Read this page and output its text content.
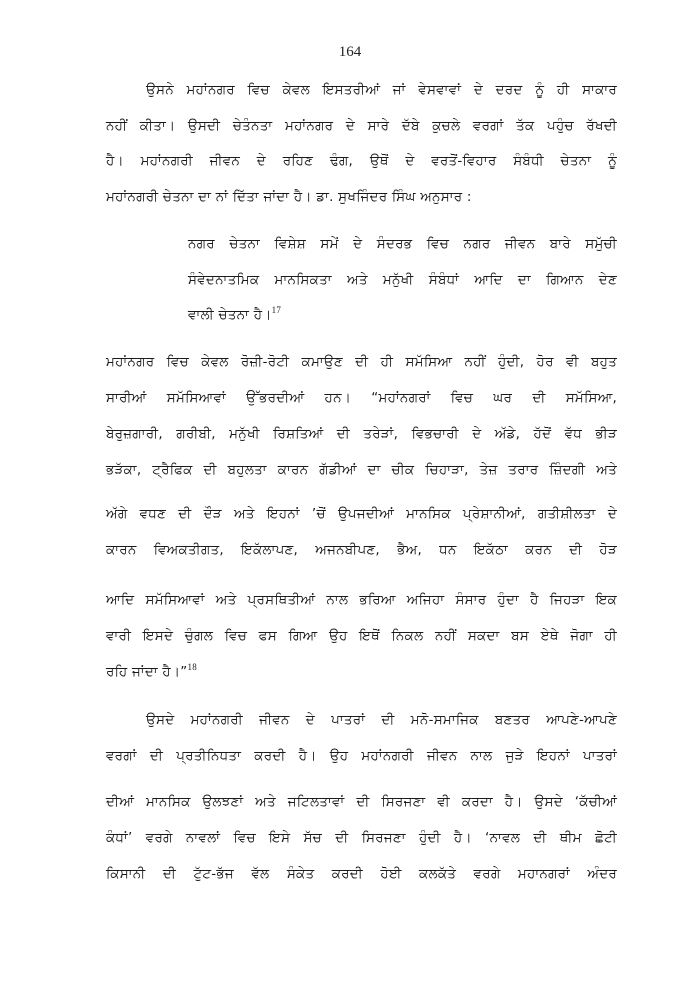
164
ਉਸਨੇ ਮਹਾਂਨਗਰ ਵਿਚ ਕੇਵਲ ਇਸਤਰੀਆਂ ਜਾਂ ਵੇਸਵਾਵਾਂ ਦੇ ਦਰਦ ਨੂੰ ਹੀ ਸਾਕਾਰ
ਨਹੀਂ ਕੀਤਾ। ਉਸਦੀ ਚੇਤੰਨਤਾ ਮਹਾਂਨਗਰ ਦੇ ਸਾਰੇ ਦੱਬੇ ਕੁਚਲੇ ਵਰਗਾਂ ਤੱਕ ਪਹੁੰਚ ਰੱਖਦੀ
ਹੈ। ਮਹਾਂਨਗਰੀ ਜੀਵਨ ਦੇ ਰਹਿਣ ਢੰਗ, ਉਥੋਂ ਦੇ ਵਰਤੋਂ-ਵਿਹਾਰ ਸੰਬੰਧੀ ਚੇਤਨਾ ਨੂੰ
ਮਹਾਂਨਗਰੀ ਚੇਤਨਾ ਦਾ ਨਾਂ ਦਿੱਤਾ ਜਾਂਦਾ ਹੈ। ਡਾ. ਸੁਖਜਿੰਦਰ ਸਿੰਘ ਅਨੁਸਾਰ :
ਨਗਰ ਚੇਤਨਾ ਵਿਸ਼ੇਸ਼ ਸਮੇਂ ਦੇ ਸੰਦਰਭ ਵਿਚ ਨਗਰ ਜੀਵਨ ਬਾਰੇ ਸਮੁੱਚੀ
ਸੰਵੇਦਨਾਤਮਿਕ ਮਾਨਸਿਕਤਾ ਅਤੇ ਮਨੁੱਖੀ ਸੰਬੰਧਾਂ ਆਦਿ ਦਾ ਗਿਆਨ ਦੇਣ
ਵਾਲੀ ਚੇਤਨਾ ਹੈ।$^{17}$
ਮਹਾਂਨਗਰ ਵਿਚ ਕੇਵਲ ਰੋਜ਼ੀ-ਰੋਟੀ ਕਮਾਉਣ ਦੀ ਹੀ ਸਮੱਸਿਆ ਨਹੀਂ ਹੁੰਦੀ, ਹੋਰ ਵੀ ਬਹੁਤ
ਸਾਰੀਆਂ ਸਮੱਸਿਆਵਾਂ ਉੱਭਰਦੀਆਂ ਹਨ। “ਮਹਾਂਨਗਰਾਂ ਵਿਚ ਘਰ ਦੀ ਸਮੱਸਿਆ,
ਬੇਰੁਜ਼ਗਾਰੀ, ਗਰੀਬੀ, ਮਨੁੱਖੀ ਰਿਸ਼ਤਿਆਂ ਦੀ ਤਰੇੜਾਂ, ਵਿਭਚਾਰੀ ਦੇ ਅੱਡੇ, ਹੱਦੋਂ ਵੱਧ ਭੀੜ
ਭੜੱਕਾ, ਟ੍ਰੈਫਿਕ ਦੀ ਬਹੁਲਤਾ ਕਾਰਨ ਗੱਡੀਆਂ ਦਾ ਚੀਕ ਚਿਹਾੜਾ, ਤੇਜ਼ ਤਰਾਰ ਜ਼ਿੰਦਗੀ ਅਤੇ
ਅੱਗੇ ਵਧਣ ਦੀ ਦੌੜ ਅਤੇ ਇਹਨਾਂ ’ਚੋਂ ਉਪਜਦੀਆਂ ਮਾਨਸਿਕ ਪ੍ਰੇਸ਼ਾਨੀਆਂ, ਗਤੀਸ਼ੀਲਤਾ ਦੇ
ਕਾਰਨ ਵਿਅਕਤੀਗਤ, ਇਕੱਲਾਪਣ, ਅਜਨਬੀਪਣ, ਭੈਅ, ਧਨ ਇਕੱਠਾ ਕਰਨ ਦੀ ਹੋੜ
ਆਦਿ ਸਮੱਸਿਆਵਾਂ ਅਤੇ ਪ੍ਰਸਥਿਤੀਆਂ ਨਾਲ ਭਰਿਆ ਅਜਿਹਾ ਸੰਸਾਰ ਹੁੰਦਾ ਹੈ ਜਿਹੜਾ ਇਕ
ਵਾਰੀ ਇਸਦੇ ਚੁੰਗਲ ਵਿਚ ਫਸ ਗਿਆ ਉਹ ਇਥੋਂ ਨਿਕਲ ਨਹੀਂ ਸਕਦਾ ਬਸ ਏਥੇ ਜੋਗਾ ਹੀ
ਰਹਿ ਜਾਂਦਾ ਹੈ।”$^{18}$
ਉਸਦੇ ਮਹਾਂਨਗਰੀ ਜੀਵਨ ਦੇ ਪਾਤਰਾਂ ਦੀ ਮਨੋ-ਸਮਾਜਿਕ ਬਣਤਰ ਆਪਣੇ-ਆਪਣੇ
ਵਰਗਾਂ ਦੀ ਪ੍ਰਤੀਨਿਧਤਾ ਕਰਦੀ ਹੈ। ਉਹ ਮਹਾਂਨਗਰੀ ਜੀਵਨ ਨਾਲ ਜੁੜੇ ਇਹਨਾਂ ਪਾਤਰਾਂ
ਦੀਆਂ ਮਾਨਸਿਕ ਉਲਝਣਾਂ ਅਤੇ ਜਟਿਲਤਾਵਾਂ ਦੀ ਸਿਰਜਣਾ ਵੀ ਕਰਦਾ ਹੈ। ਉਸਦੇ ‘ਕੱਚੀਆਂ
ਕੰਧਾਂ’ ਵਰਗੇ ਨਾਵਲਾਂ ਵਿਚ ਇਸੇ ਸੱਚ ਦੀ ਸਿਰਜਣਾ ਹੁੰਦੀ ਹੈ। ‘ਨਾਵਲ ਦੀ ਥੀਮ ਛੋਟੀ
ਕਿਸਾਨੀ ਦੀ ਟੁੱਟ-ਭੱਜ ਵੱਲ ਸੰਕੇਤ ਕਰਦੀ ਹੋਈ ਕਲਕੱਤੇ ਵਰਗੇ ਮਹਾਨਗਰਾਂ ਅੰਦਰ
